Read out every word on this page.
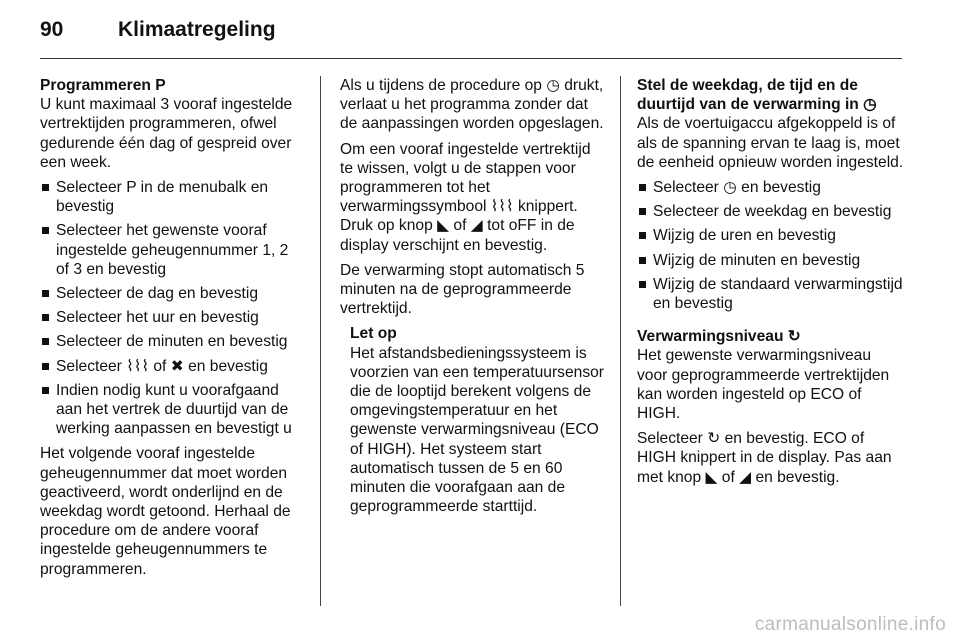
90	Klimaatregeling
Programmeren P

U kunt maximaal 3 vooraf ingestelde vertrektijden programmeren, ofwel gedurende één dag of gespreid over een week.

Selecteer P in de menubalk en bevestig
Selecteer het gewenste vooraf ingestelde geheugennummer 1, 2 of 3 en bevestig
Selecteer de dag en bevestig
Selecteer het uur en bevestig
Selecteer de minuten en bevestig
Selecteer ⌇⌇⌇ of ✖ en bevestig
Indien nodig kunt u voorafgaand aan het vertrek de duurtijd van de werking aanpassen en bevestigt u

Het volgende vooraf ingestelde geheugennummer dat moet worden geactiveerd, wordt onderlijnd en de weekdag wordt getoond. Herhaal de procedure om de andere vooraf ingestelde geheugennummers te programmeren.

Als u tijdens de procedure op ◷ drukt, verlaat u het programma zonder dat de aanpassingen worden opgeslagen.

Om een vooraf ingestelde vertrektijd te wissen, volgt u de stappen voor programmeren tot het verwarmingssymbool ⌇⌇⌇ knippert. Druk op knop ◣ of ◢ tot oFF in de display verschijnt en bevestig.

De verwarming stopt automatisch 5 minuten na de geprogrammeerde vertrektijd.

Let op

Het afstandsbedieningssysteem is voorzien van een temperatuursensor die de looptijd berekent volgens de omgevingstemperatuur en het gewenste verwarmingsniveau (ECO of HIGH). Het systeem start automatisch tussen de 5 en 60 minuten die voorafgaan aan de geprogrammeerde starttijd.

Stel de weekdag, de tijd en de duurtijd van de verwarming in ◷

Als de voertuigaccu afgekoppeld is of als de spanning ervan te laag is, moet de eenheid opnieuw worden ingesteld.

Selecteer ◷ en bevestig
Selecteer de weekdag en bevestig
Wijzig de uren en bevestig
Wijzig de minuten en bevestig
Wijzig de standaard verwarmingstijd en bevestig
Verwarmingsniveau ↻

Het gewenste verwarmingsniveau voor geprogrammeerde vertrektijden kan worden ingesteld op ECO of HIGH.

Selecteer ↻ en bevestig. ECO of HIGH knippert in de display. Pas aan met knop ◣ of ◢ en bevestig.

carmanualsonline.info
